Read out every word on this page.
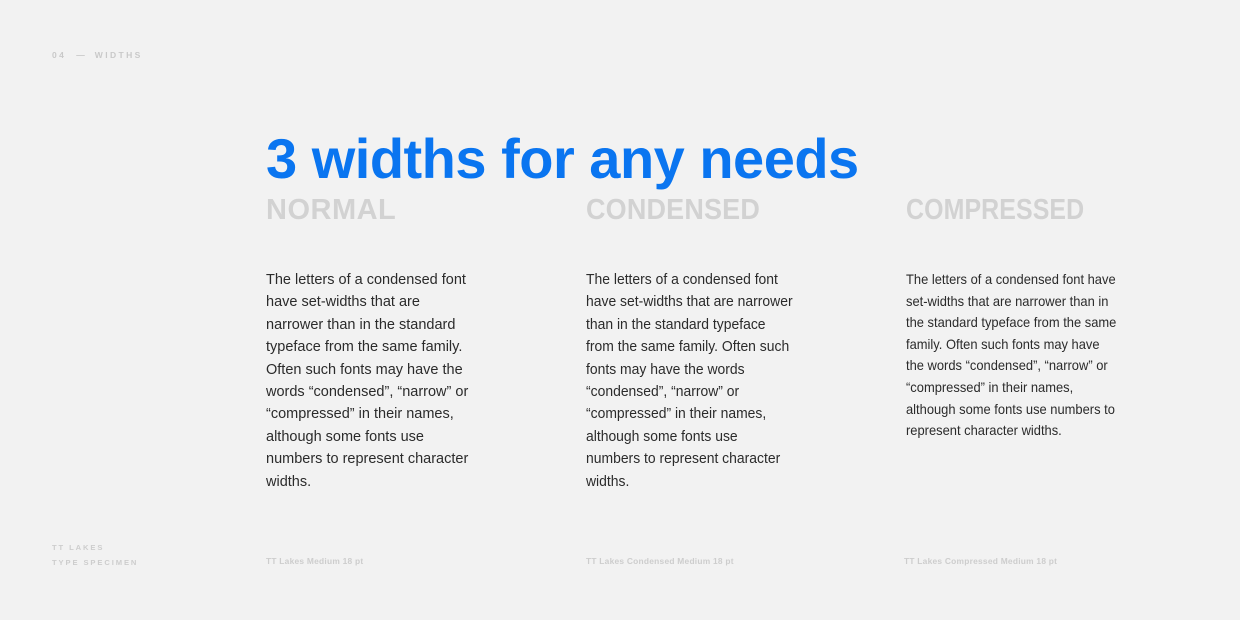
04 — WIDTHS
3 widths for any needs
NORMAL

The letters of a condensed font have set-widths that are narrower than in the standard typeface from the same family. Often such fonts may have the words “condensed”, “narrow” or “compressed” in their names, although some fonts use numbers to represent character widths.

CONDENSED

The letters of a condensed font have set-widths that are narrower than in the standard typeface from the same family. Often such fonts may have the words “condensed”, “narrow” or “compressed” in their names, although some fonts use numbers to represent character widths.

COMPRESSED

The letters of a condensed font have set-widths that are narrower than in the standard typeface from the same family. Often such fonts may have the words “condensed”, “narrow” or “compressed” in their names, although some fonts use numbers to represent character widths.

TT LAKES
TYPE SPECIMEN	TT Lakes Medium 18 pt	TT Lakes Condensed Medium 18 pt	TT Lakes Compressed Medium 18 pt
